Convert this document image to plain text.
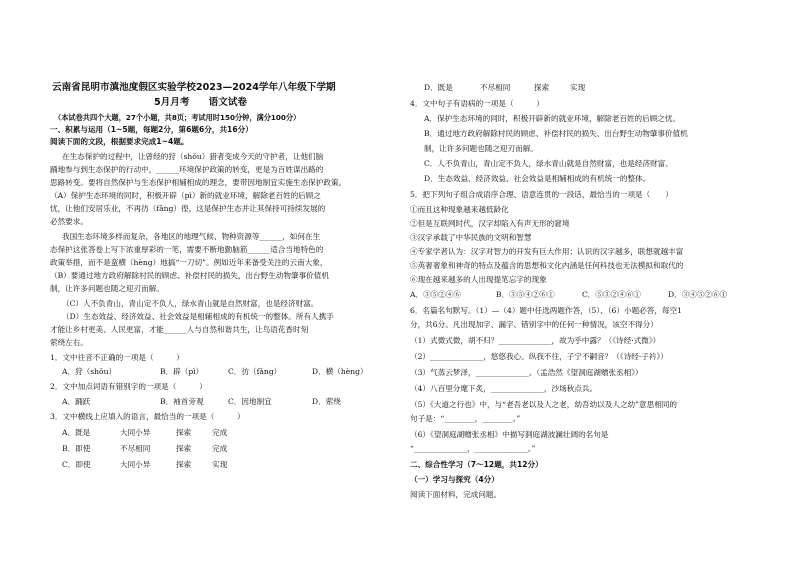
云南省昆明市滇池度假区实验学校2023—2024学年八年级下学期
5月月考　　语文试卷
（本试卷共四个大题，27个小题，共8页；考试用时150分钟，满分100分）
一、积累与运用（1~5题，每题2分，第6题6分，共16分）
阅读下面的文段，根据要求完成1~4题。
在生态保护的过程中，让曾经的狩（shǒu）猎者变成今天的守护者，让他们脑
踊地参与到生态保护的行动中，______环境保护政策的转变，更是为百姓谋出路的
思路转变。要将自然保护与生态保护相辅相成的理念，要带因地制宜实施生态保护政策。
（A）保护生态环境的同时，积极开辟（pì）新的就业环境，解除老百姓的后顾之
忧，让他们安居乐业，不再彷（fǎng）徨，这是保护生态并让其保持可持续发展的
必然要求。
我国生态环境多样而复杂，各地区的地理气候、物种资源等______，如何在生
态保护这张答卷上写下浓重厚彩的一笔，需要不断地勤脑筋______适合当地特色的
政策举措，而不是蛮横（hèng）地搞“一刀切”。例如近年来备受关注的云南大象，
（B）要通过地方政府解除村民的顾虑、补偿村民的损失，出台野生动物肇事价值机
制，让许多问题也随之迎刃而解。
（C）人不负青山，青山定不负人，绿水青山就是自然财富，也是经济财富。
（D）生态效益、经济效益、社会效益是相辅相成的有机统一的整体。所有人携手
才能让乡村更美、人民更富，才能______人与自然和谐共生，让鸟语花香时刻
萦绕左右。
1．文中往音不正确的一项是（　　　）
A．狩（shǒu）	B．辟（pì）	C．彷（fǎng）	D．横（hèng）
2．文中加点词语有错别字的一项是（　　　）
A．踊跃	B．袖首旁观	C．因地制宜	D．萦绕
3．文中横线上应填入的语言，最恰当的一项是（　　　）
A．既是	大同小异	探索	完成
B．即使	不尽相同	探索	完成
C．即使	大同小异	探索	实现
D．既是	不尽相同	探索	实现
4．文中句子有语病的一项是（　　　）
A．保护生态环境的同时，积极开辟新的就业环境，解除老百姓的后顾之忧。
B．通过地方政府解除村民的顾虑、补偿村民的损失、出台野生动物肇事价值机
制，让许多问题也随之迎刃而解。
C．人不负青山，青山定不负人，绿水青山就是自然财富，也是经济财富。
D．生态效益、经济效益、社会效益是相辅相成的有机统一的整体。
5．把下列句子组合成语序合理、语意连贯的一段话，最恰当的一项是（　　）
①而且这种现象越来越低龄化
②但是互联网时代，汉字却陷入有声无形的窘境
③汉字承载了中华民族的文明和智慧
④专家学者认为：汉字对智力的开发有巨大作用；认识的汉字越多，联想就越丰富
⑤英奢奢象和神奇的特点及蕴含的思想和文化内涵是任何科技也无法模拟和取代的
⑥现在越来越多的人出现提笔忘字的现象
A．③⑤②④⑥	B．③⑤④②⑥①	C．⑤③②④⑥①	D．③④⑤②⑥①
6．名篇名句默写。（1）—（4）题中任选两题作答，（5）、（6）小题必答，每空1
分，共6分。凡出现加字、漏字、错别字中的任何一种情况，该空不得分）
（1）式微式微，胡不归？______________，故为乎中露？（《诗经·式微》）
（2）______________，悠悠我心。纵我不往，子宁不嗣音？（《诗经·子衿》）
（3）气蒸云梦泽，______________。（孟浩然《望洞庭湖赠张丞相》）
（4）八百里分麾下炙，______________，沙场秋点兵。
（5）《大道之行也》中，与“老吾老以及人之老，幼吾幼以及人之幼”意思相同的
句子是：“________，________。”
（6）《望洞庭湖赠张丞相》中描写洞庭湖波澜壮阔的名句是
“______________，______________。”
二、综合性学习（7～12题，共12分）
（一）学习与探究（4分）
阅读下面材料，完成问题。
